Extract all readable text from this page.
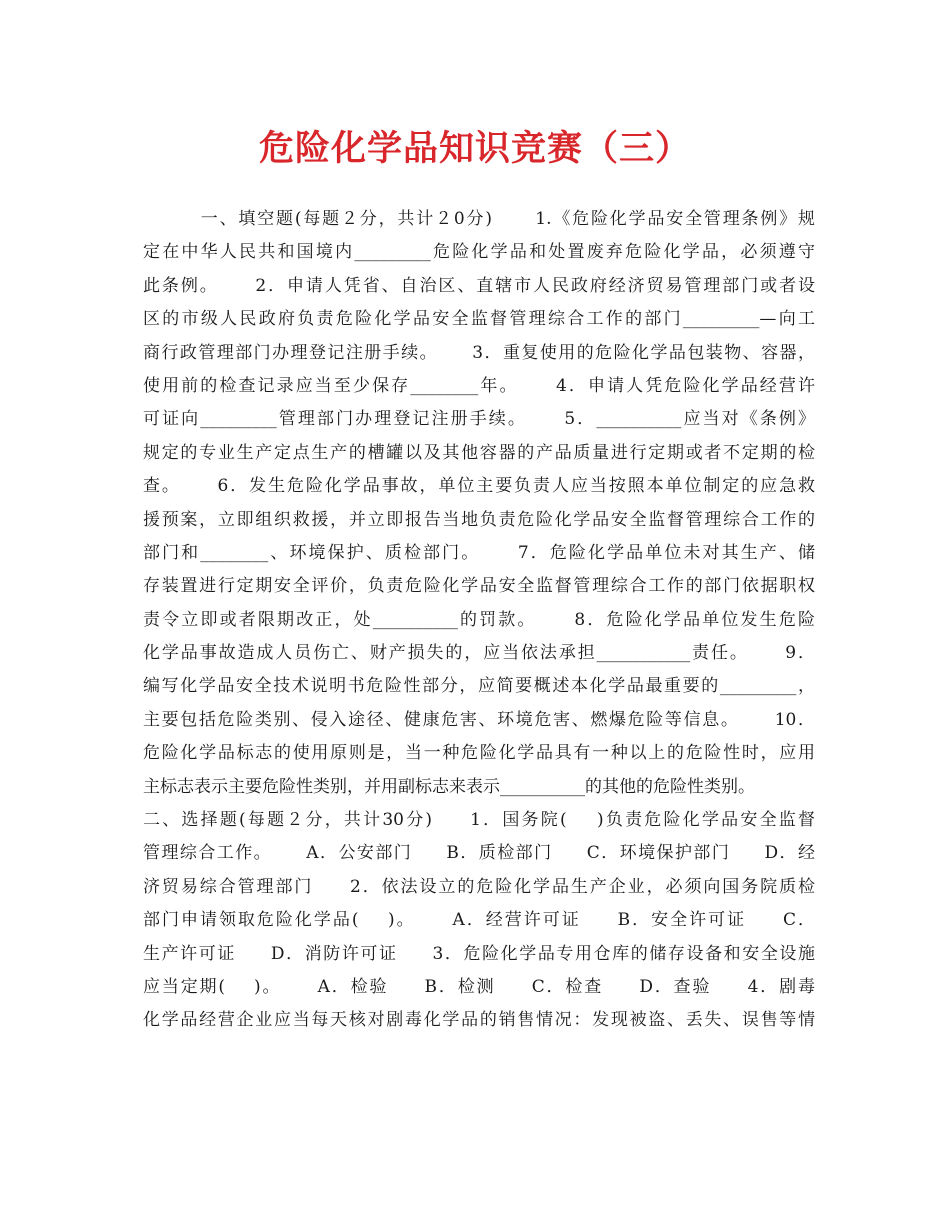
危险化学品知识竞赛（三）
一、填空题(每题２分，共计２0分)      1.《危险化学品安全管理条例》规
定在中华人民共和国境内_________危险化学品和处置废弃危险化学品，必须遵守
此条例。     2．申请人凭省、自治区、直辖市人民政府经济贸易管理部门或者设
区的市级人民政府负责危险化学品安全监督管理综合工作的部门_________—向工
商行政管理部门办理登记注册手续。     3．重复使用的危险化学品包装物、容器，
使用前的检查记录应当至少保存________年。     4．申请人凭危险化学品经营许
可证向_________管理部门办理登记注册手续。     5．__________应当对《条例》
规定的专业生产定点生产的槽罐以及其他容器的产品质量进行定期或者不定期的检
查。     6．发生危险化学品事故，单位主要负责人应当按照本单位制定的应急救
援预案，立即组织救援，并立即报告当地负责危险化学品安全监督管理综合工作的
部门和________、环境保护、质检部门。     7．危险化学品单位未对其生产、储
存装置进行定期安全评价，负责危险化学品安全监督管理综合工作的部门依据职权
责令立即或者限期改正，处__________的罚款。     8．危险化学品单位发生危险
化学品事故造成人员伤亡、财产损失的，应当依法承担___________责任。     9．
编写化学品安全技术说明书危险性部分，应简要概述本化学品最重要的_________，
主要包括危险类别、侵入途径、健康危害、环境危害、燃爆危险等信息。     10．
危险化学品标志的使用原则是，当一种危险化学品具有一种以上的危险性时，应用
主标志表示主要危险性类别，并用副标志来表示__________的其他的危险性类别。
二、选择题(每题２分，共计30分)     1．国务院(    )负责危险化学品安全监督
管理综合工作。     A．公安部门     B．质检部门     C．环境保护部门     D．经
济贸易综合管理部门     2．依法设立的危险化学品生产企业，必须向国务院质检
部门申请领取危险化学品(    )。     A．经营许可证     B．安全许可证     C．
生产许可证     D．消防许可证     3．危险化学品专用仓库的储存设备和安全设施
应当定期(    )。     A．检验     B．检测     C．检查     D．查验     4．剧毒
化学品经营企业应当每天核对剧毒化学品的销售情况：发现被盗、丢失、误售等情
